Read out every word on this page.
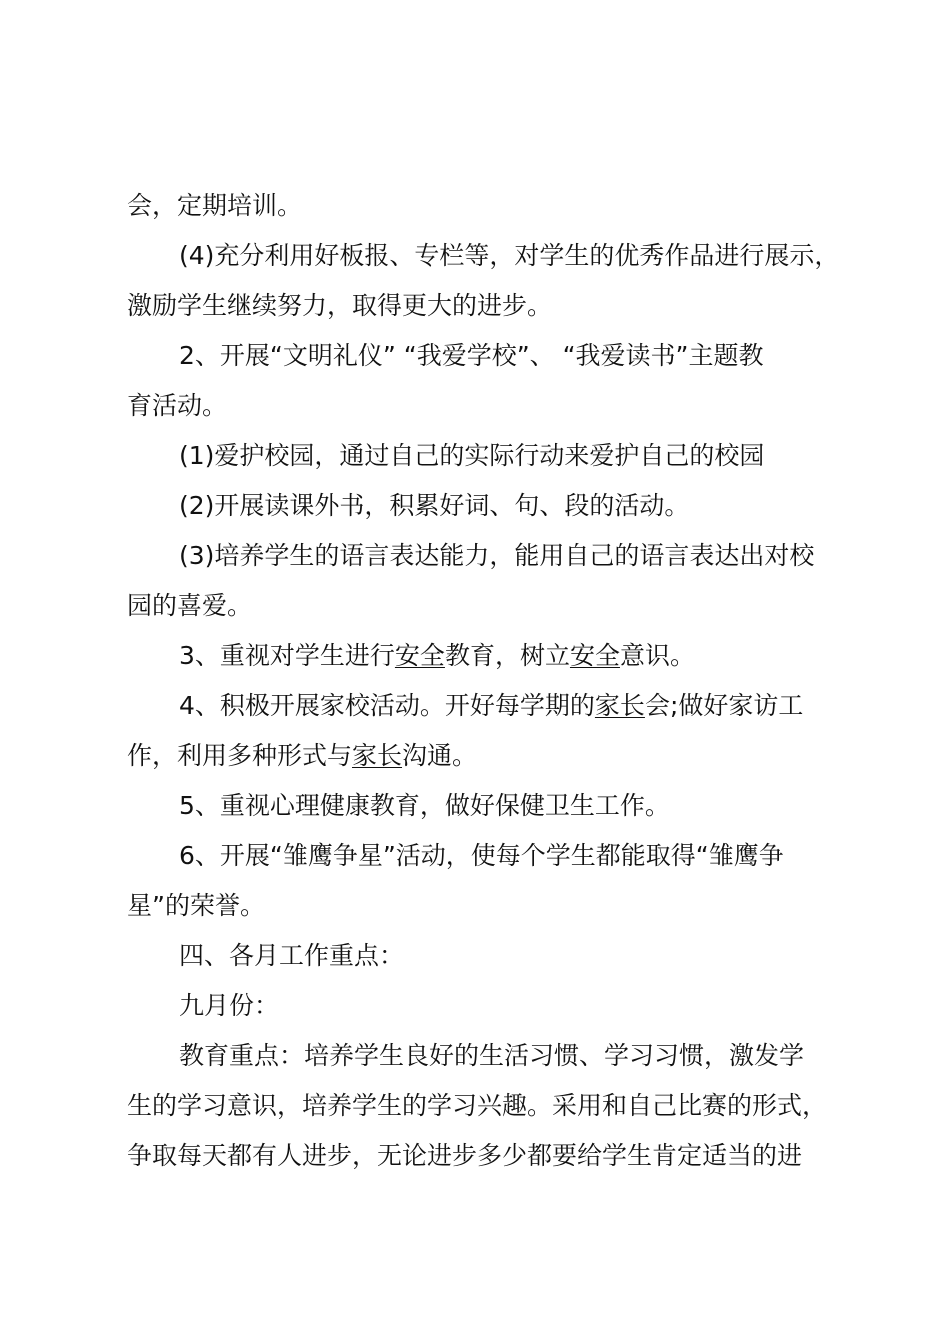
会，定期培训。

(4)充分利用好板报、专栏等，对学生的优秀作品进行展示，

激励学生继续努力，取得更大的进步。

2、开展“文明礼仪” “我爱学校”、 “我爱读书”主题教

育活动。

(1)爱护校园，通过自己的实际行动来爱护自己的校园

(2)开展读课外书，积累好词、句、段的活动。

(3)培养学生的语言表达能力，能用自己的语言表达出对校

园的喜爱。

3、重视对学生进行安全教育，树立安全意识。

4、积极开展家校活动。开好每学期的家长会;做好家访工

作，利用多种形式与家长沟通。

5、重视心理健康教育，做好保健卫生工作。

6、开展“雏鹰争星”活动，使每个学生都能取得“雏鹰争

星”的荣誉。

四、各月工作重点：

九月份：

教育重点：培养学生良好的生活习惯、学习习惯，激发学

生的学习意识，培养学生的学习兴趣。采用和自己比赛的形式，

争取每天都有人进步，无论进步多少都要给学生肯定适当的进
